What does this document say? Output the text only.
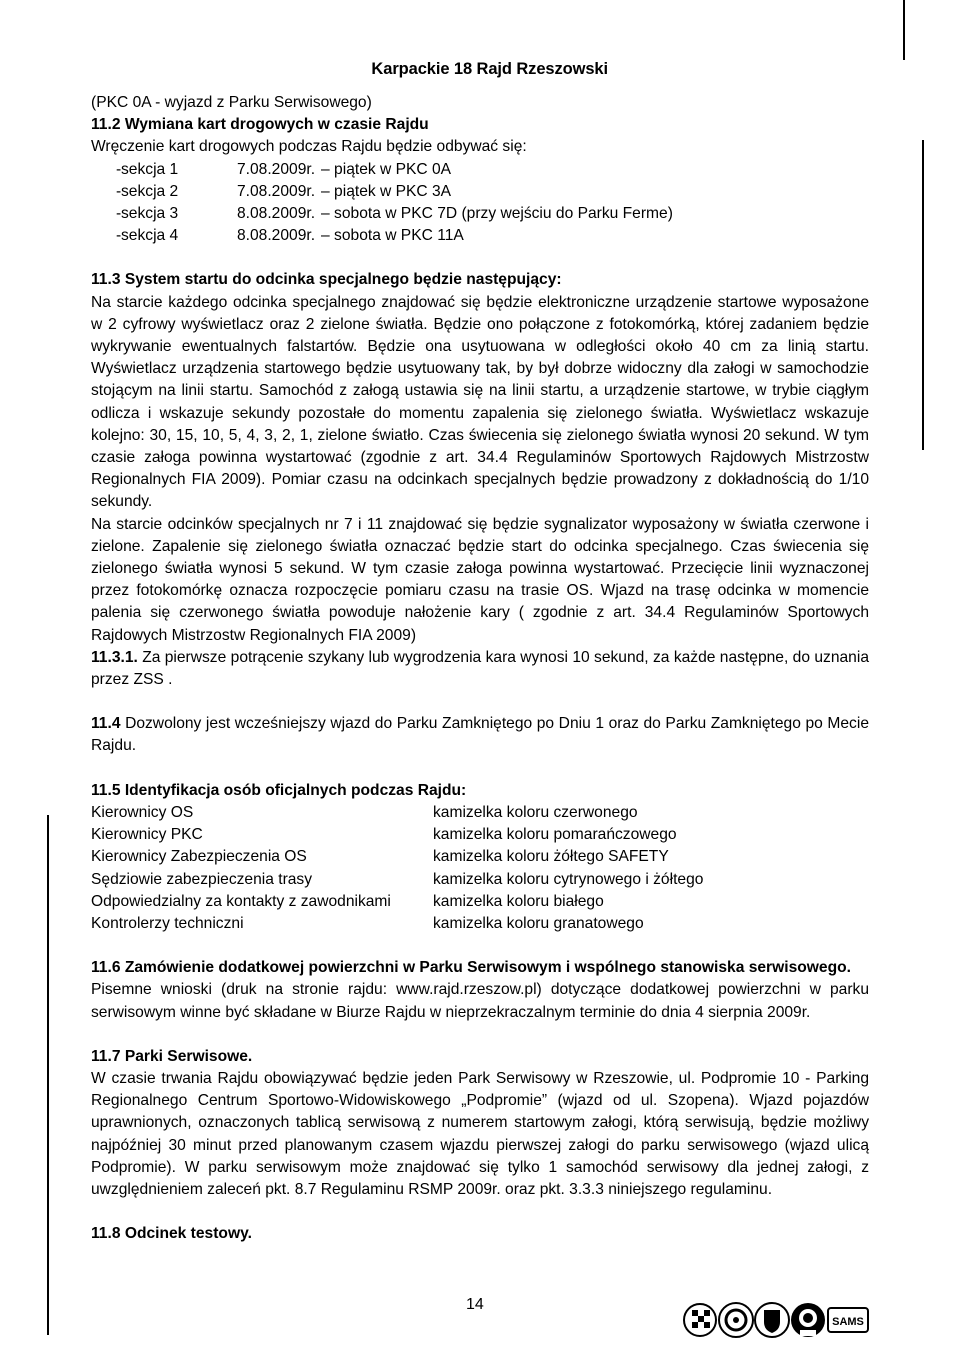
Karpackie 18 Rajd Rzeszowski

(PKC 0A - wyjazd z Parku Serwisowego)

11.2 Wymiana kart drogowych w czasie Rajdu

Wręczenie kart drogowych podczas Rajdu będzie odbywać się:

- sekcja 1	7.08.2009r. – piątek w PKC 0A
- sekcja 2	7.08.2009r. – piątek w PKC 3A
- sekcja 3	8.08.2009r. – sobota w PKC 7D (przy wejściu do Parku Ferme)
- sekcja 4	8.08.2009r. – sobota w PKC 11A

11.3 System startu do odcinka specjalnego będzie następujący:

Na starcie każdego odcinka specjalnego znajdować się będzie elektroniczne urządzenie startowe wyposażone w 2 cyfrowy wyświetlacz oraz 2 zielone światła. Będzie ono połączone z fotokomórką, której zadaniem będzie wykrywanie ewentualnych falstartów. Będzie ona usytuowana w odległości około 40 cm za linią startu. Wyświetlacz urządzenia startowego będzie usytuowany tak, by był dobrze widoczny dla załogi w samochodzie stojącym na linii startu. Samochód z załogą ustawia się na linii startu, a urządzenie startowe, w trybie ciągłym odlicza i wskazuje sekundy pozostałe do momentu zapalenia się zielonego światła. Wyświetlacz wskazuje kolejno: 30, 15, 10, 5, 4, 3, 2, 1, zielone światło. Czas świecenia się zielonego światła wynosi 20 sekund. W tym czasie załoga powinna wystartować (zgodnie z art. 34.4 Regulaminów Sportowych Rajdowych Mistrzostw Regionalnych FIA 2009). Pomiar czasu na odcinkach specjalnych będzie prowadzony z dokładnością do 1/10 sekundy.

Na starcie odcinków specjalnych nr 7 i 11 znajdować się będzie sygnalizator wyposażony w światła czerwone i zielone. Zapalenie się zielonego światła oznaczać będzie start do odcinka specjalnego. Czas świecenia się zielonego światła wynosi 5 sekund. W tym czasie załoga powinna wystartować. Przecięcie linii wyznaczonej przez fotokomórkę oznacza rozpoczęcie pomiaru czasu na trasie OS. Wjazd na trasę odcinka w momencie palenia się czerwonego światła powoduje nałożenie kary ( zgodnie z art. 34.4 Regulaminów Sportowych Rajdowych Mistrzostw Regionalnych FIA 2009)

11.3.1. Za pierwsze potrącenie szykany lub wygrodzenia kara wynosi 10 sekund, za każde następne, do uznania przez ZSS .

11.4 Dozwolony jest wcześniejszy wjazd do Parku Zamkniętego po Dniu 1 oraz do Parku Zamkniętego po Mecie Rajdu.

11.5 Identyfikacja osób oficjalnych podczas Rajdu:

Kierownicy OS	kamizelka koloru czerwonego
Kierownicy PKC	kamizelka koloru pomarańczowego
Kierownicy Zabezpieczenia OS	kamizelka koloru żółtego SAFETY
Sędziowie zabezpieczenia trasy	kamizelka koloru cytrynowego i żółtego
Odpowiedzialny za kontakty z zawodnikami	kamizelka koloru białego
Kontrolerzy techniczni	kamizelka koloru granatowego

11.6 Zamówienie dodatkowej powierzchni w Parku Serwisowym i wspólnego stanowiska serwisowego.

Pisemne wnioski (druk na stronie rajdu: www.rajd.rzeszow.pl) dotyczące dodatkowej powierzchni w parku serwisowym winne być składane w Biurze Rajdu w nieprzekraczalnym terminie do dnia 4 sierpnia 2009r.

11.7 Parki Serwisowe.

W czasie trwania Rajdu obowiązywać będzie jeden Park Serwisowy w Rzeszowie, ul. Podpromie 10 - Parking Regionalnego Centrum Sportowo-Widowiskowego „Podpromie” (wjazd od ul. Szopena). Wjazd pojazdów uprawnionych, oznaczonych tablicą serwisową z numerem startowym załogi, którą serwisują, będzie możliwy najpóźniej 30 minut przed planowanym czasem wjazdu pierwszej załogi do parku serwisowego (wjazd ulicą Podpromie). W parku serwisowym może znajdować się tylko 1 samochód serwisowy dla jednej załogi, z uwzględnieniem zaleceń pkt. 8.7 Regulaminu RSMP 2009r. oraz pkt. 3.3.3 niniejszego regulaminu.

11.8 Odcinek testowy.

14
SAMS
